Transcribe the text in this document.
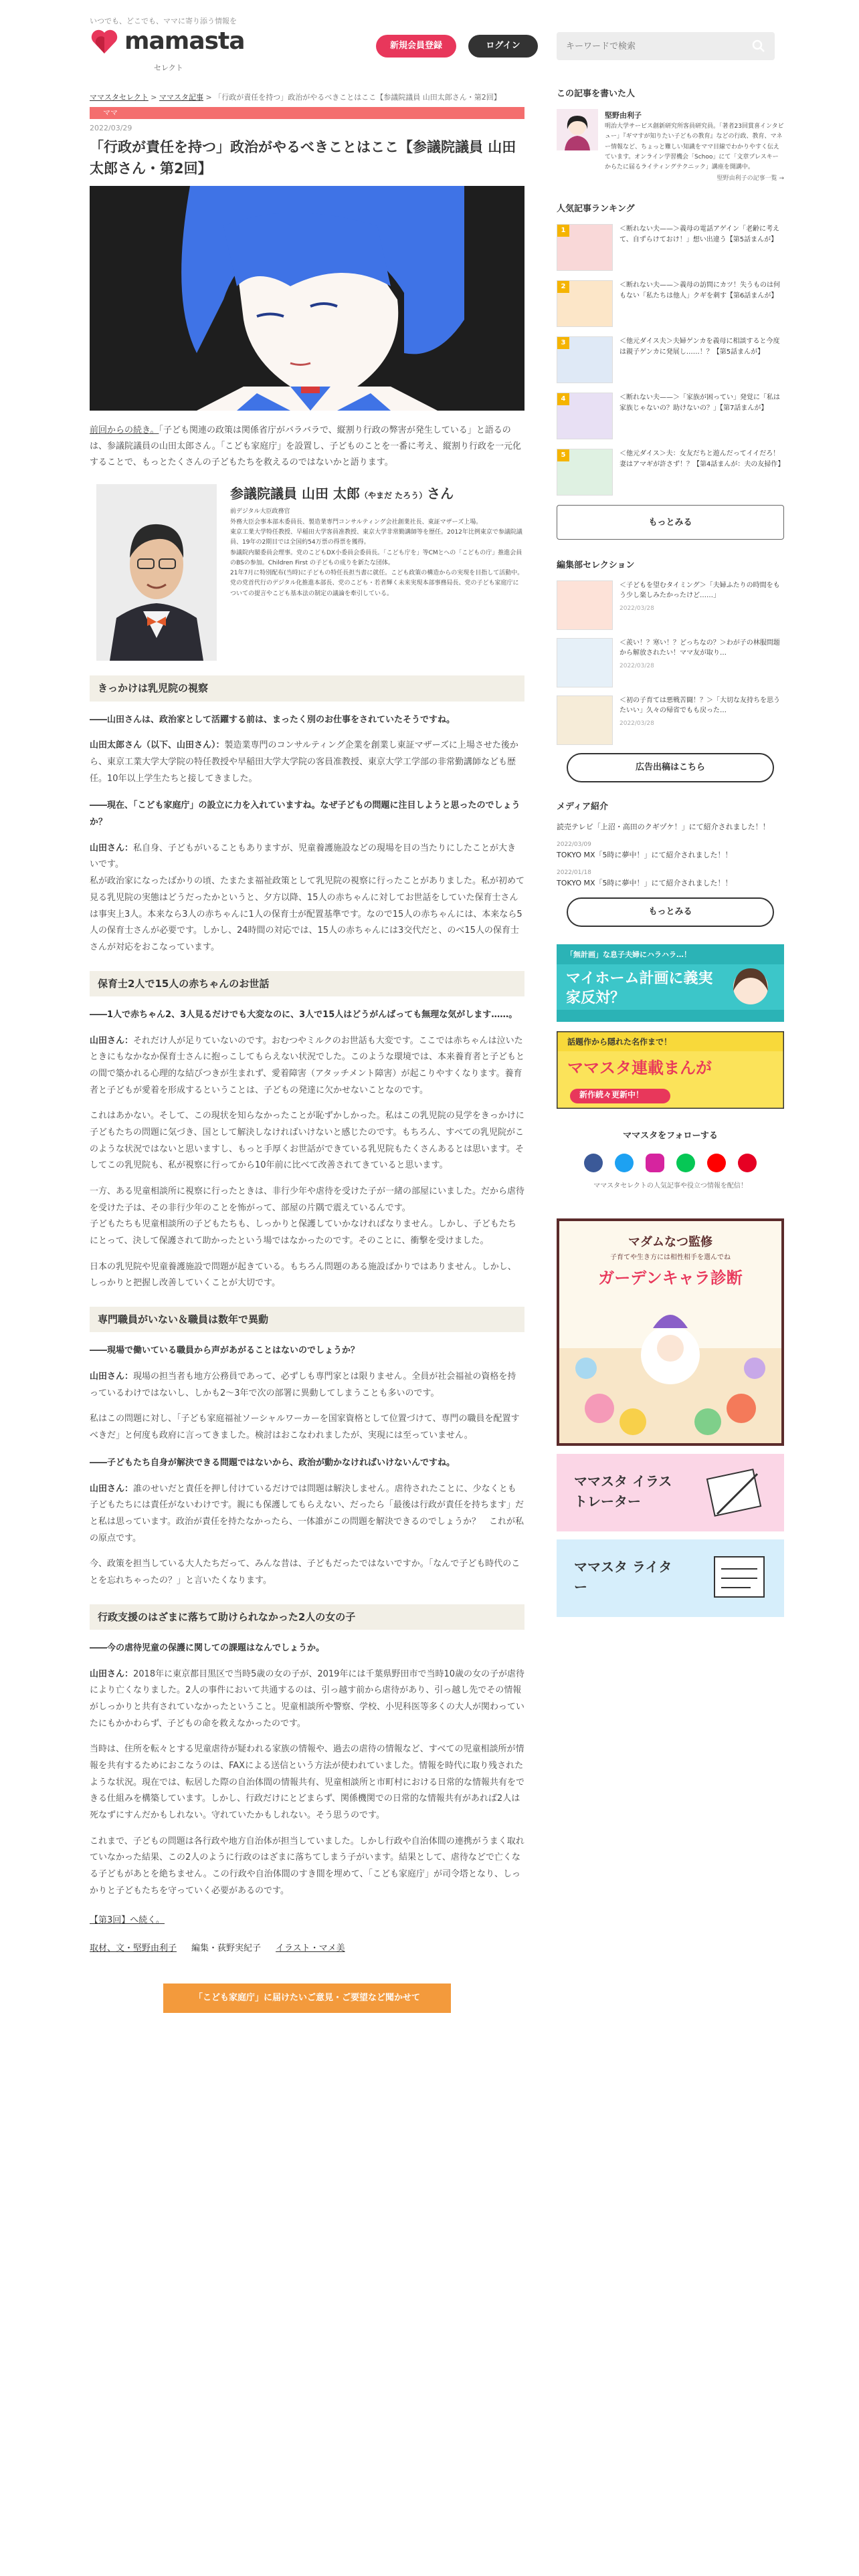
いつでも、どこでも、ママに寄り添う情報を
mamasta
セレクト
新規会員登録	ログイン
キーワードで検索
ママスタセレクト > ママスタ記事 > 「行政が責任を持つ」政治がやるべきことはここ【参議院議員 山田太郎さん・第2回】
ママ
2022/03/29
「行政が責任を持つ」政治がやるべきことはここ【参議院議員 山田太郎さん・第2回】

前回からの続き。「子ども関連の政策は関係省庁がバラバラで、縦割り行政の弊害が発生している」と語るのは、参議院議員の山田太郎さん。「こども家庭庁」を設置し、子どものことを一番に考え、縦割り行政を一元化することで、もっとたくさんの子どもたちを救えるのではないかと語ります。

参議院議員 山田 太郎（やまだ たろう）さん
前デジタル大臣政務官
外務大臣会事本部木委員長、製造業専門コンサルティング会社創業社長、東証マザーズ上場。
東京工業大学特任教授、早稲田大学客員准教授、東京大学非常勤講師等を歴任。2012年比例東京で参議院議員、19年の2期目では全国約54万票の得票を獲得。
参議院内閣委員会理事。党のこどもDX小委員会委員長。「こども庁を」等CMとへの「こどもの庁」推進会員のBSの参加。Children First の子どもの成りを新たな団体。
21年7月に特別配布(当時)に子どもの特任長担当書に就任。こども政策の構造からの実現を目指して活動中。
党の党首代行のデジタル化推進本部長、党のこども・若者輝く未来実現本部事務局長、党の子ども家庭庁についての提言やこども基本法の制定の議論を牽引している。
きっかけは乳児院の視察

――山田さんは、政治家として活躍する前は、まったく別のお仕事をされていたそうですね。

山田太郎さん（以下、山田さん）：製造業専門のコンサルティング企業を創業し東証マザーズに上場させた後から、東京工業大学大学院の特任教授や早稲田大学大学院の客員准教授、東京大学工学部の非常勤講師なども歴任。10年以上学生たちと接してきました。

――現在、「こども家庭庁」の設立に力を入れていますね。なぜ子どもの問題に注目しようと思ったのでしょうか？

山田さん：私自身、子どもがいることもありますが、児童養護施設などの現場を目の当たりにしたことが大きいです。
私が政治家になったばかりの頃、たまたま福祉政策として乳児院の視察に行ったことがありました。私が初めて見る乳児院の実態はどうだったかというと、夕方以降、15人の赤ちゃんに対してお世話をしていた保育士さんは事実上3人。本来なら3人の赤ちゃんに1人の保育士が配置基準です。なので15人の赤ちゃんには、本来なら5人の保育士さんが必要です。しかし、24時間の対応では、15人の赤ちゃんには3交代だと、のべ15人の保育士さんが対応をおこなっています。

保育士2人で15人の赤ちゃんのお世話

――1人で赤ちゃん2、3人見るだけでも大変なのに、3人で15人はどうがんばっても無理な気がします……。

山田さん：それだけ人が足りていないのです。おむつやミルクのお世話も大変です。ここでは赤ちゃんは泣いたときにもなかなか保育士さんに抱っこしてもらえない状況でした。このような環境では、本来養育者と子どもとの間で築かれる心理的な結びつきが生まれず、愛着障害（アタッチメント障害）が起こりやすくなります。養育者と子どもが愛着を形成するということは、子どもの発達に欠かせないことなのです。

これはあかない。そして、この現状を知らなかったことが恥ずかしかった。私はこの乳児院の見学をきっかけに子どもたちの問題に気づき、国として解決しなければいけないと感じたのです。もちろん、すべての乳児院がこのような状況ではないと思いますし、もっと手厚くお世話ができている乳児院もたくさんあるとは思います。そしてこの乳児院も、私が視察に行ってから10年前に比べて改善されてきていると思います。

一方、ある児童相談所に視察に行ったときは、非行少年や虐待を受けた子が一緒の部屋にいました。だから虐待を受けた子は、その非行少年のことを怖がって、部屋の片隅で震えているんです。
子どもたちも児童相談所の子どもたちも、しっかりと保護していかなければなりません。しかし、子どもたちにとって、決して保護されて助かったという場ではなかったのです。そのことに、衝撃を受けました。

日本の乳児院や児童養護施設で問題が起きている。もちろん問題のある施設ばかりではありません。しかし、しっかりと把握し改善していくことが大切です。

専門職員がいない＆職員は数年で異動

――現場で働いている職員から声があがることはないのでしょうか？

山田さん：現場の担当者も地方公務員であって、必ずしも専門家とは限りません。全員が社会福祉の資格を持っているわけではないし、しかも2〜3年で次の部署に異動してしまうことも多いのです。

私はこの問題に対し、「子ども家庭福祉ソーシャルワーカーを国家資格として位置づけて、専門の職員を配置すべきだ」と何度も政府に言ってきました。検討はおこなわれましたが、実現には至っていません。

――子どもたち自身が解決できる問題ではないから、政治が動かなければいけないんですね。

山田さん：誰のせいだと責任を押し付けているだけでは問題は解決しません。虐待されたことに、少なくとも子どもたちには責任がないわけです。親にも保護してもらえない、だったら「最後は行政が責任を持ちます」だと私は思っています。政治が責任を持たなかったら、一体誰がこの問題を解決できるのでしょうか？　これが私の原点です。

今、政策を担当している大人たちだって、みんな昔は、子どもだったではないですか。「なんで子ども時代のことを忘れちゃったの？」と言いたくなります。

行政支援のはざまに落ちて助けられなかった2人の女の子

――今の虐待児童の保護に関しての課題はなんでしょうか。

山田さん：2018年に東京都目黒区で当時5歳の女の子が、2019年には千葉県野田市で当時10歳の女の子が虐待により亡くなりました。2人の事件において共通するのは、引っ越す前から虐待があり、引っ越し先でその情報がしっかりと共有されていなかったということ。児童相談所や警察、学校、小児科医等多くの大人が関わっていたにもかかわらず、子どもの命を救えなかったのです。

当時は、住所を転々とする児童虐待が疑われる家族の情報や、過去の虐待の情報など、すべての児童相談所が情報を共有するためにおこなうのは、FAXによる送信という方法が使われていました。情報を時代に取り残されたような状況。現在では、転居した際の自治体間の情報共有、児童相談所と市町村における日常的な情報共有をできる仕組みを構築しています。しかし、行政だけにとどまらず、関係機関での日常的な情報共有があれば2人は死なずにすんだかもしれない。守れていたかもしれない。そう思うのです。

これまで、子どもの問題は各行政や地方自治体が担当していました。しかし行政や自治体間の連携がうまく取れていなかった結果、この2人のように行政のはざまに落ちてしまう子がいます。結果として、虐待などで亡くなる子どもがあとを絶ちません。この行政や自治体間のすき間を埋めて、「こども家庭庁」が司令塔となり、しっかりと子どもたちを守っていく必要があるのです。

【第3回】へ続く。

取材、文・堅野由利子 編集・荻野実紀子 イラスト・マメ美
「こども家庭庁」に届けたいご意見・ご要望など聞かせて
この記事を書いた人
堅野由利子
明治大学サービス創新研究所客員研究員。「著者23回賞喜インタビュー」『ギマすが知りたい子どもの教育』などの行政、教育、マネー情報など、ちょっと難しい知識をママ目線でわかりやすく伝えています。オンライン学習機会「Schoo」にて「文章プレスキーからたに届るライティングテクニック」講座を開講中。
堅野由利子の記事一覧 →
人気記事ランキング
1	＜断れない夫——＞義母の電話アゲイン「老齢に考えて、自ずらけておけ！」想い出違う【第5話まんが】
2	＜断れない夫——＞義母の訪問にカツ！失うものは何もない「私たちは他人」クギを刺す【第6話まんが】
3	＜他元ダイス夫＞夫婦ゲンカを義母に相談すると今度は親子ゲンカに発展し……！？【第5話まんが】
4	＜断れない夫——＞「家族が困ってい」発覚に「私は家族じゃないの？助けないの？」【第7話まんが】
5	＜他元ダイス＞夫：女友だちと遊んだってイイだろ！妻はアマギが許さず！？【第4話まんが：夫の友掃作】
もっとみる
編集部セレクション
＜子どもを望むタイミング＞「夫婦ふたりの時間をもう少し楽しみたかったけど……」
2022/03/28
＜羨い！？寒い！？どっちなの？＞わが子の林服問題から解放されたい！ママ友が取り…
2022/03/28
＜初の子育ては悪戦苦闘！？＞「大切な友持ちを思うたいい」久々の帰省でもも戻った…
2022/03/28
広告出稿はこちら
メディア紹介
読売テレビ「上沼・高田のクギヅケ！」にて紹介されました！！
2022/03/09
TOKYO MX「5時に夢中！」にて紹介されました！！
2022/01/18
TOKYO MX「5時に夢中！」にて紹介されました！！
もっとみる
「無計画」な息子夫婦にハラハラ…！
マイホーム計画に義実家反対？
話題作から隠れた名作まで！
ママスタ連載まんが
新作続々更新中！
ママスタをフォローする
ママスタセレクトの人気記事や役立つ情報を配信！
マダムなつ監修
子育てや生き方には相性相手を選んでね
ガーデンキャラ診断
ママスタ イラストレーター
ママスタ ライター
